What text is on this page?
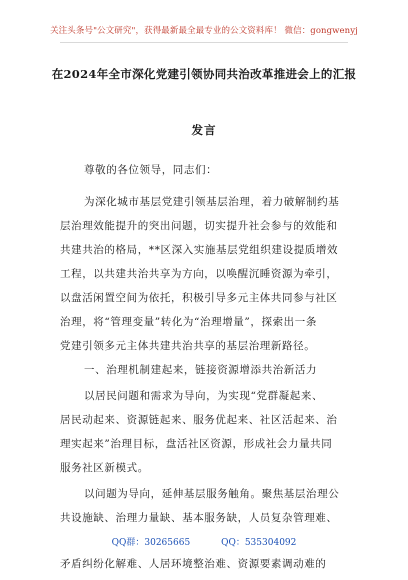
关注头条号"公文研究"，获得最新最全最专业的公文资料库！ 微信：gongwenyj
在2024年全市深化党建引领协同共治改革推进会上的汇报
发言
尊敬的各位领导，同志们：
为深化城市基层党建引领基层治理，着力破解制约基
层治理效能提升的突出问题，切实提升社会参与的效能和
共建共治的格局，**区深入实施基层党组织建设提质增效
工程，以共建共治共享为方向，以唤醒沉睡资源为牵引，
以盘活闲置空间为依托，积极引导多元主体共同参与社区
治理，将“管理变量”转化为“治理增量”，探索出一条
党建引领多元主体共建共治共享的基层治理新路径。
一、治理机制建起来，链接资源增添共治新活力
以居民问题和需求为导向，为实现“党群凝起来、
居民动起来、资源链起来、服务优起来、社区活起来、治
理实起来”治理目标，盘活社区资源，形成社会力量共同
服务社区新模式。
以问题为导向，延伸基层服务触角。聚焦基层治理公
共设施缺、治理力量缺、基本服务缺，人员复杂管理难、
QQ群：30265665	QQ：535304092
矛盾纠纷化解难、人居环境整治难、资源要素调动难的
